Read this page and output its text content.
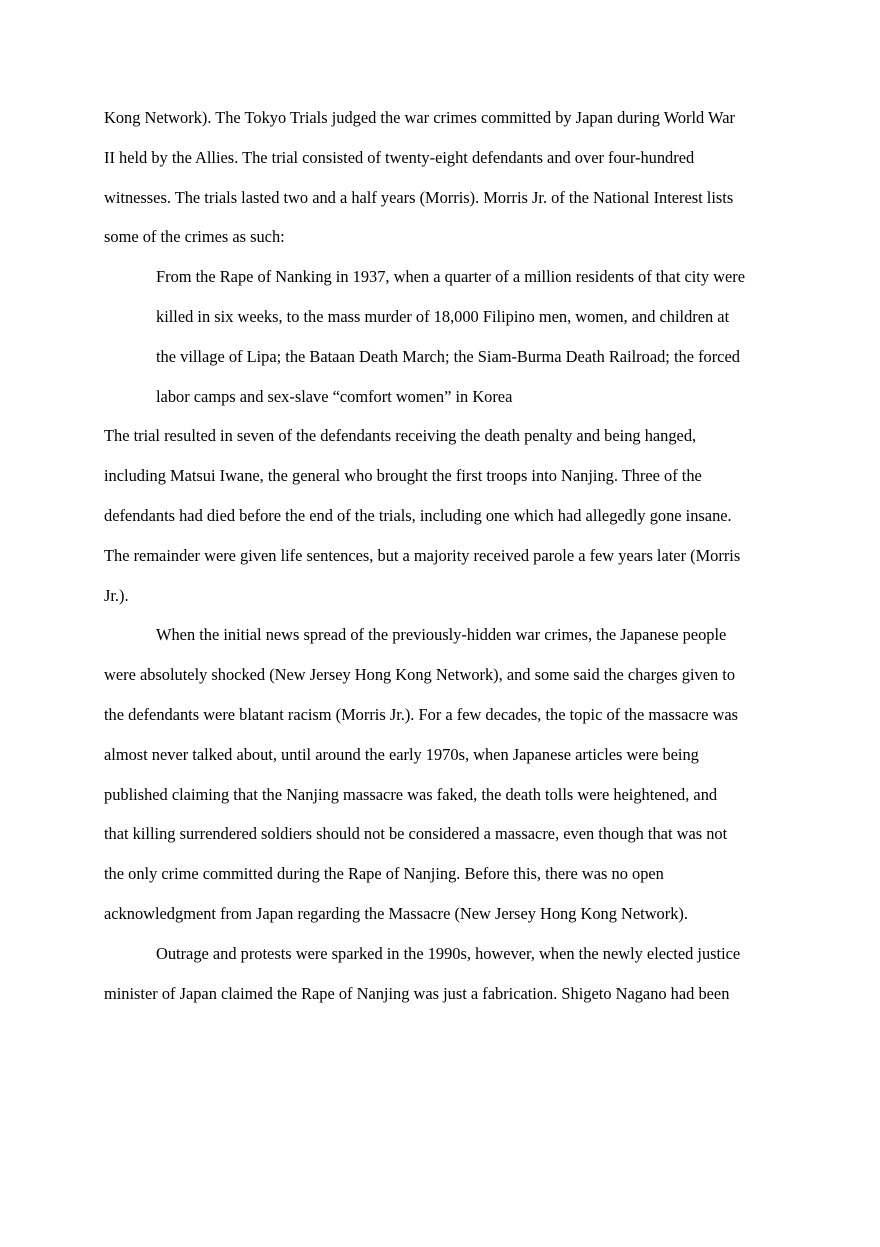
Kong Network). The Tokyo Trials judged the war crimes committed by Japan during World War
II held by the Allies. The trial consisted of twenty-eight defendants and over four-hundred
witnesses. The trials lasted two and a half years (Morris). Morris Jr. of the National Interest lists
some of the crimes as such:
From the Rape of Nanking in 1937, when a quarter of a million residents of that city were
killed in six weeks, to the mass murder of 18,000 Filipino men, women, and children at
the village of Lipa; the Bataan Death March; the Siam-Burma Death Railroad; the forced
labor camps and sex-slave “comfort women” in Korea
The trial resulted in seven of the defendants receiving the death penalty and being hanged,
including Matsui Iwane, the general who brought the first troops into Nanjing. Three of the
defendants had died before the end of the trials, including one which had allegedly gone insane.
The remainder were given life sentences, but a majority received parole a few years later (Morris
Jr.).
When the initial news spread of the previously-hidden war crimes, the Japanese people
were absolutely shocked (New Jersey Hong Kong Network), and some said the charges given to
the defendants were blatant racism (Morris Jr.). For a few decades, the topic of the massacre was
almost never talked about, until around the early 1970s, when Japanese articles were being
published claiming that the Nanjing massacre was faked, the death tolls were heightened, and
that killing surrendered soldiers should not be considered a massacre, even though that was not
the only crime committed during the Rape of Nanjing. Before this, there was no open
acknowledgment from Japan regarding the Massacre (New Jersey Hong Kong Network).
Outrage and protests were sparked in the 1990s, however, when the newly elected justice
minister of Japan claimed the Rape of Nanjing was just a fabrication. Shigeto Nagano had been
